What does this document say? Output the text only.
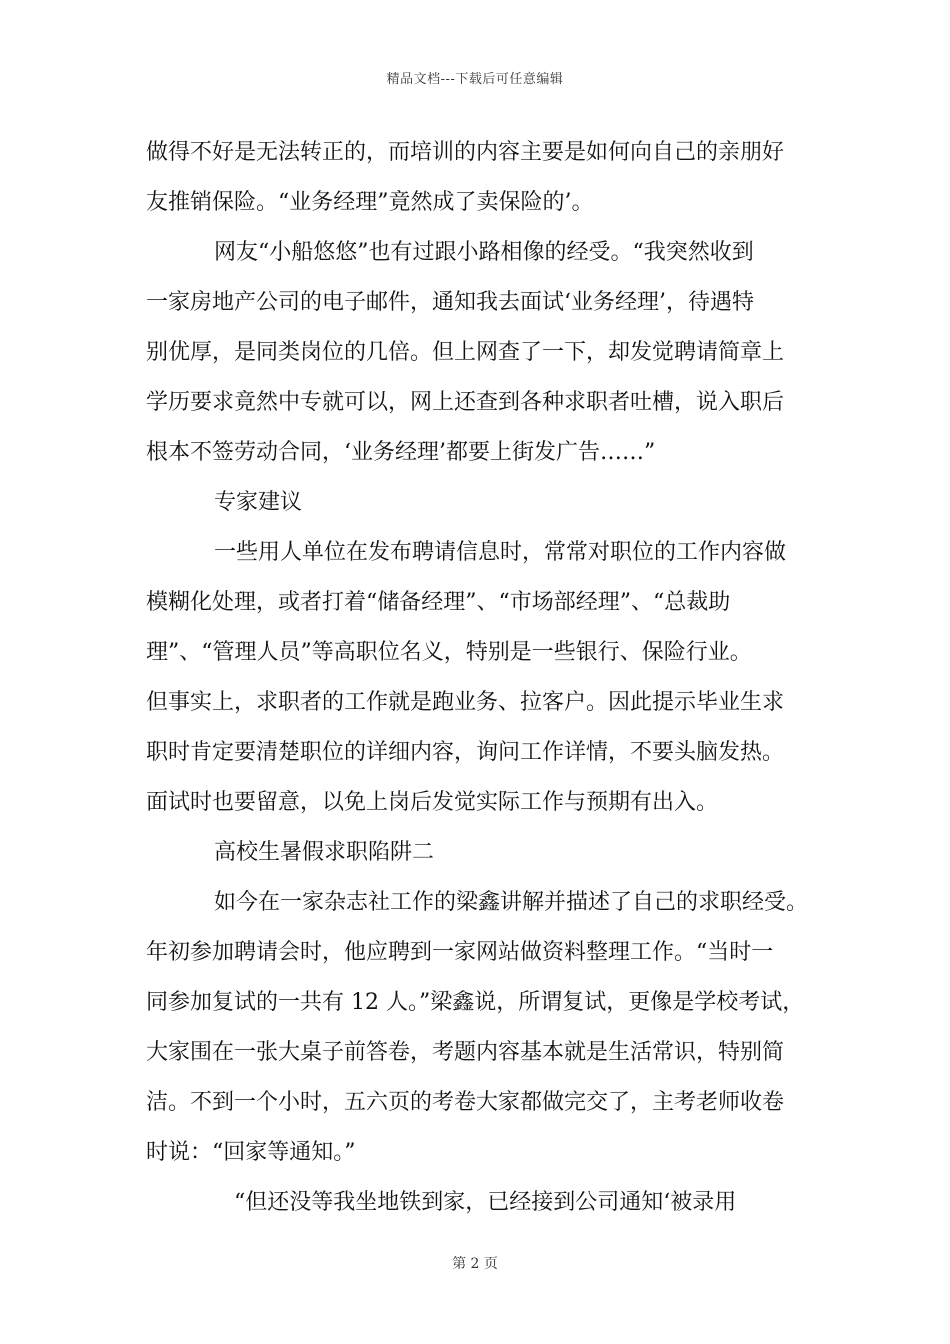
精品文档---下载后可任意编辑
做得不好是无法转正的，而培训的内容主要是如何向自己的亲朋好
友推销保险。“业务经理”竟然成了卖保险的’。
网友“小船悠悠”也有过跟小路相像的经受。“我突然收到
一家房地产公司的电子邮件，通知我去面试‘业务经理’，待遇特
别优厚，是同类岗位的几倍。但上网查了一下，却发觉聘请简章上
学历要求竟然中专就可以，网上还查到各种求职者吐槽，说入职后
根本不签劳动合同，‘业务经理’都要上街发广告……”
专家建议
一些用人单位在发布聘请信息时，常常对职位的工作内容做
模糊化处理，或者打着“储备经理”、“市场部经理”、“总裁助
理”、“管理人员”等高职位名义，特别是一些银行、保险行业。
但事实上，求职者的工作就是跑业务、拉客户。因此提示毕业生求
职时肯定要清楚职位的详细内容，询问工作详情，不要头脑发热。
面试时也要留意，以免上岗后发觉实际工作与预期有出入。
高校生暑假求职陷阱二
如今在一家杂志社工作的梁鑫讲解并描述了自己的求职经受。
年初参加聘请会时，他应聘到一家网站做资料整理工作。“当时一
同参加复试的一共有 12 人。”梁鑫说，所谓复试，更像是学校考试，
大家围在一张大桌子前答卷，考题内容基本就是生活常识，特别简
洁。不到一个小时，五六页的考卷大家都做完交了，主考老师收卷
时说：“回家等通知。”
“但还没等我坐地铁到家，已经接到公司通知‘被录用
第 2 页
